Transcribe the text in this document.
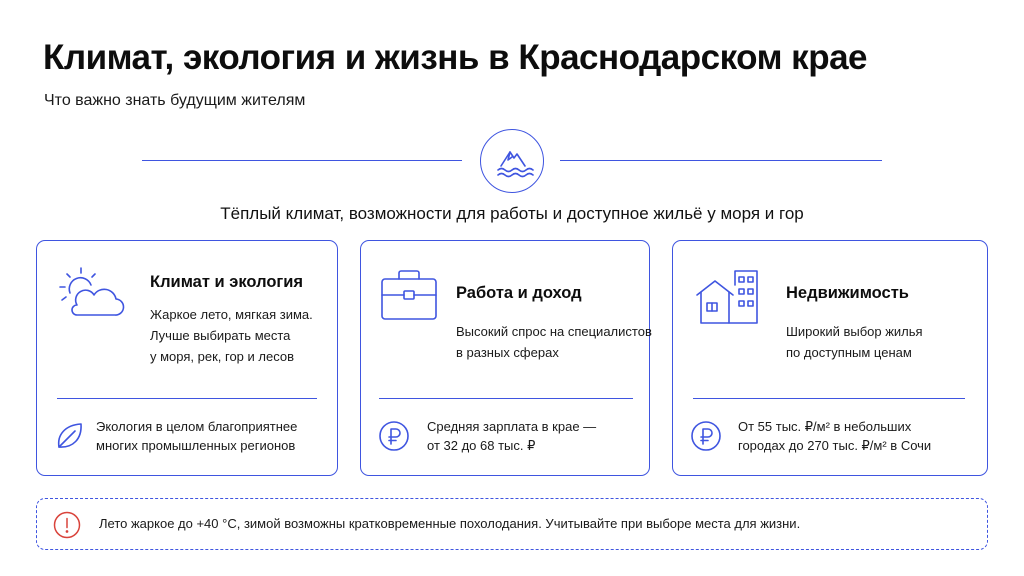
Климат, экология и жизнь в Краснодарском крае
Что важно знать будущим жителям
Тёплый климат, возможности для работы и доступное жильё у моря и гор
Климат и экология
Жаркое лето, мягкая зима.
Лучше выбирать места
у моря, рек, гор и лесов
Экология в целом благоприятнее
многих промышленных регионов
Работа и доход
Высокий спрос на специалистов
в разных сферах
Средняя зарплата в крае —
от 32 до 68 тыс. ₽
Недвижимость
Широкий выбор жилья
по доступным ценам
От 55 тыс. ₽/м² в небольших
городах до 270 тыс. ₽/м² в Сочи
Лето жаркое до +40 °C, зимой возможны кратковременные похолодания. Учитывайте при выборе места для жизни.
